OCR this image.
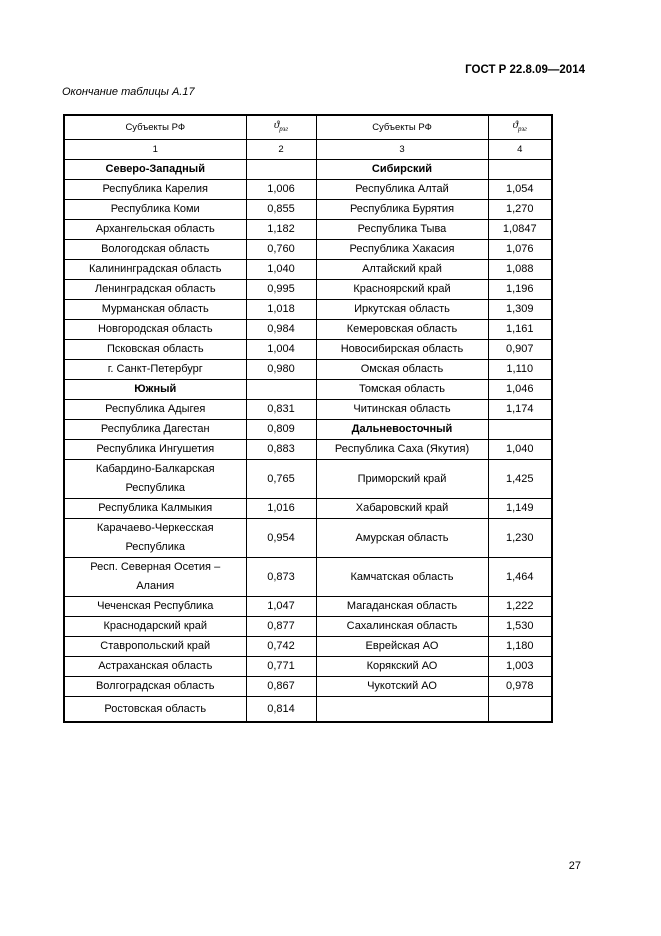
ГОСТ Р 22.8.09—2014
Окончание таблицы А.17
Субъекты РФ	$ϑ_{рзг}$	Субъекты РФ	$ϑ_{рзг}$
1	2	3	4
Северо-Западный		Сибирский	
Республика Карелия	1,006	Республика Алтай	1,054
Республика Коми	0,855	Республика Бурятия	1,270
Архангельская область	1,182	Республика Тыва	1,0847
Вологодская область	0,760	Республика Хакасия	1,076
Калининградская область	1,040	Алтайский край	1,088
Ленинградская область	0,995	Красноярский край	1,196
Мурманская область	1,018	Иркутская область	1,309
Новгородская область	0,984	Кемеровская область	1,161
Псковская область	1,004	Новосибирская область	0,907
г. Санкт-Петербург	0,980	Омская область	1,110
Южный		Томская область	1,046
Республика Адыгея	0,831	Читинская область	1,174
Республика Дагестан	0,809	Дальневосточный	
Республика Ингушетия	0,883	Республика Саха (Якутия)	1,040

Кабардино-Балкарская
Республика	0,765	Приморский край	1,425
Республика Калмыкия	1,016	Хабаровский край	1,149

Карачаево-Черкесская
Республика	0,954	Амурская область	1,230

Респ. Северная Осетия –
Алания	0,873	Камчатская область	1,464
Чеченская Республика	1,047	Магаданская область	1,222
Краснодарский край	0,877	Сахалинская область	1,530
Ставропольский край	0,742	Еврейская АО	1,180
Астраханская область	0,771	Корякский АО	1,003
Волгоградская область	0,867	Чукотский АО	0,978
Ростовская область	0,814		
27
